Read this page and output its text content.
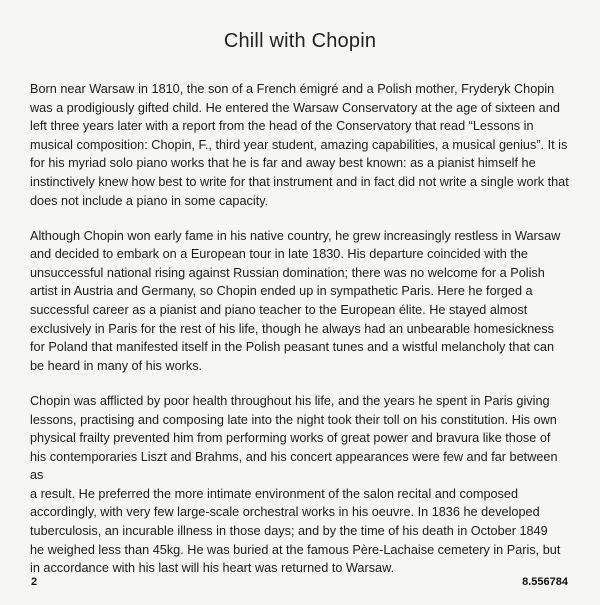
Chill with Chopin

Born near Warsaw in 1810, the son of a French émigré and a Polish mother, Fryderyk Chopin
was a prodigiously gifted child. He entered the Warsaw Conservatory at the age of sixteen and
left three years later with a report from the head of the Conservatory that read “Lessons in
musical composition: Chopin, F., third year student, amazing capabilities, a musical genius”. It is
for his myriad solo piano works that he is far and away best known: as a pianist himself he
instinctively knew how best to write for that instrument and in fact did not write a single work that
does not include a piano in some capacity.

Although Chopin won early fame in his native country, he grew increasingly restless in Warsaw
and decided to embark on a European tour in late 1830. His departure coincided with the
unsuccessful national rising against Russian domination; there was no welcome for a Polish
artist in Austria and Germany, so Chopin ended up in sympathetic Paris. Here he forged a
successful career as a pianist and piano teacher to the European élite. He stayed almost
exclusively in Paris for the rest of his life, though he always had an unbearable homesickness
for Poland that manifested itself in the Polish peasant tunes and a wistful melancholy that can
be heard in many of his works.

Chopin was afflicted by poor health throughout his life, and the years he spent in Paris giving
lessons, practising and composing late into the night took their toll on his constitution. His own
physical frailty prevented him from performing works of great power and bravura like those of
his contemporaries Liszt and Brahms, and his concert appearances were few and far between
as
a result. He preferred the more intimate environment of the salon recital and composed
accordingly, with very few large-scale orchestral works in his oeuvre. In 1836 he developed
tuberculosis, an incurable illness in those days; and by the time of his death in October 1849
he weighed less than 45kg. He was buried at the famous Père-Lachaise cemetery in Paris, but
in accordance with his last will his heart was returned to Warsaw.

2	8.556784
